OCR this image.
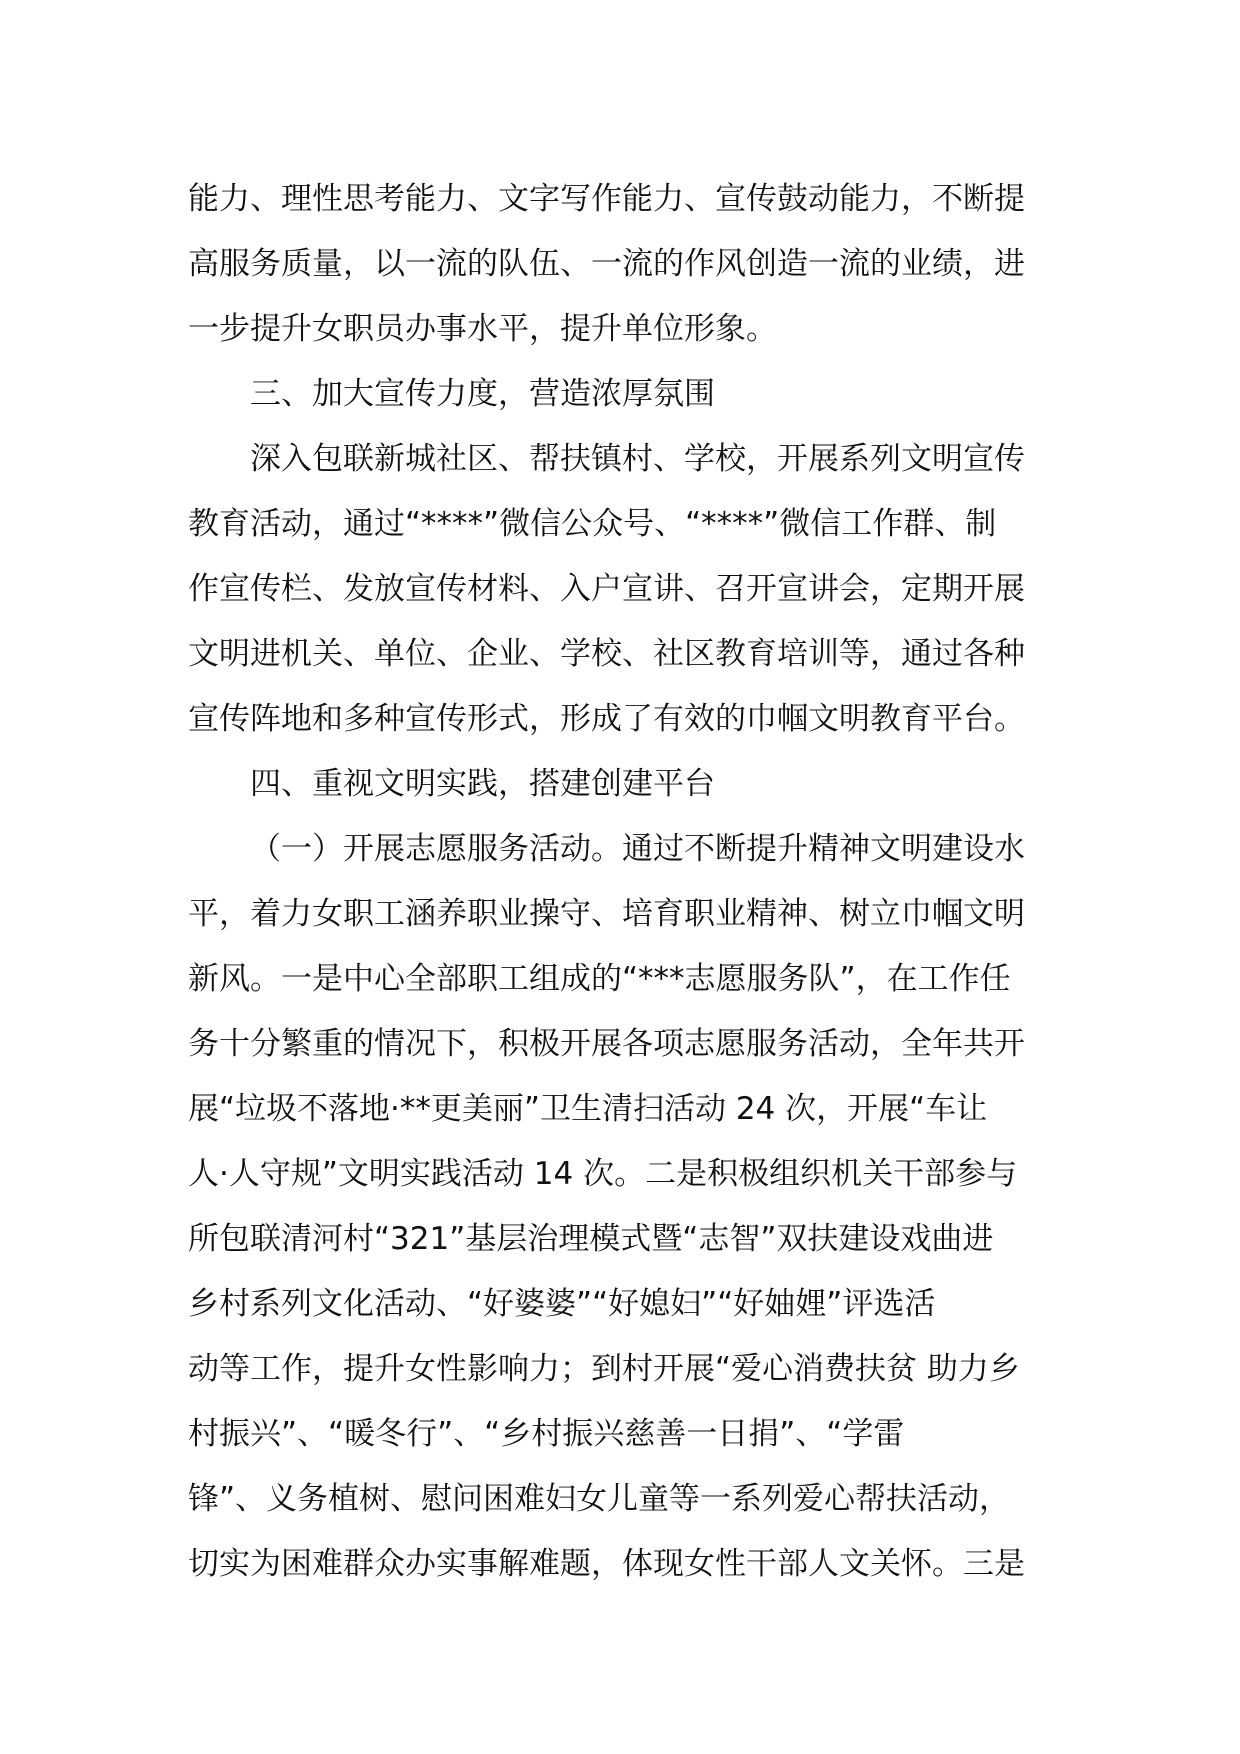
能力、理性思考能力、文字写作能力、宣传鼓动能力，不断提
高服务质量，以一流的队伍、一流的作风创造一流的业绩，进
一步提升女职员办事水平，提升单位形象。
三、加大宣传力度，营造浓厚氛围
深入包联新城社区、帮扶镇村、学校，开展系列文明宣传
教育活动，通过“****”微信公众号、“****”微信工作群、制
作宣传栏、发放宣传材料、入户宣讲、召开宣讲会，定期开展
文明进机关、单位、企业、学校、社区教育培训等，通过各种
宣传阵地和多种宣传形式，形成了有效的巾帼文明教育平台。
四、重视文明实践，搭建创建平台
（一）开展志愿服务活动。通过不断提升精神文明建设水
平，着力女职工涵养职业操守、培育职业精神、树立巾帼文明
新风。一是中心全部职工组成的“***志愿服务队”，在工作任
务十分繁重的情况下，积极开展各项志愿服务活动，全年共开
展“垃圾不落地·**更美丽”卫生清扫活动 24 次，开展“车让
人·人守规”文明实践活动 14 次。二是积极组织机关干部参与
所包联清河村“321”基层治理模式暨“志智”双扶建设戏曲进
乡村系列文化活动、“好婆婆”“好媳妇”“好妯娌”评选活
动等工作，提升女性影响力；到村开展“爱心消费扶贫 助力乡
村振兴”、“暖冬行”、“乡村振兴慈善一日捐”、“学雷
锋”、义务植树、慰问困难妇女儿童等一系列爱心帮扶活动，
切实为困难群众办实事解难题，体现女性干部人文关怀。三是
